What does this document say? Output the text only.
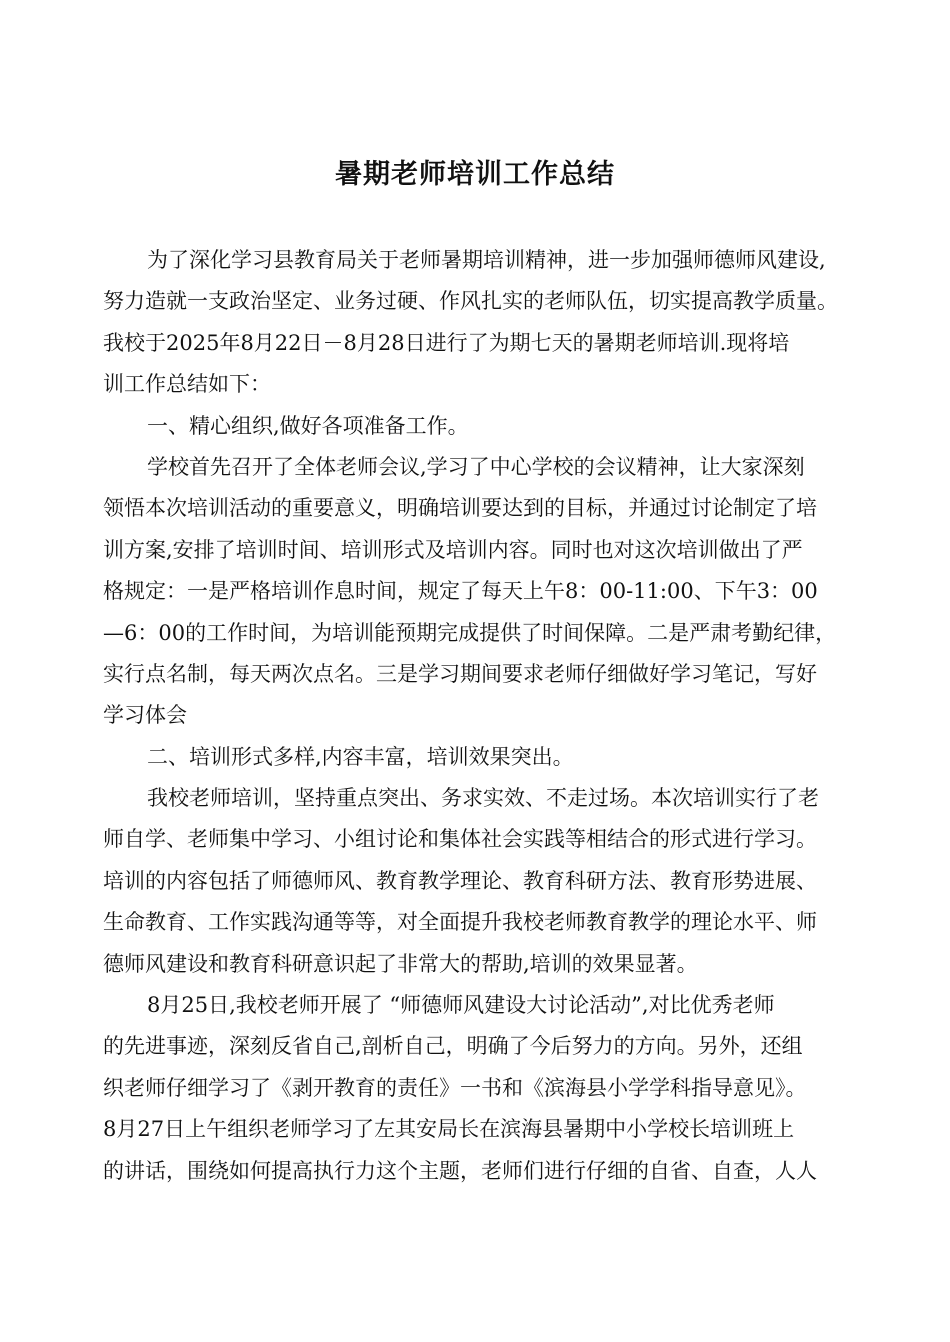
暑期老师培训工作总结
为了深化学习县教育局关于老师暑期培训精神，进一步加强师德师风建设,
努力造就一支政治坚定、业务过硬、作风扎实的老师队伍，切实提高教学质量。
我校于2025年8月22日－8月28日进行了为期七天的暑期老师培训.现将培
训工作总结如下：
一、精心组织,做好各项准备工作。
学校首先召开了全体老师会议,学习了中心学校的会议精神，让大家深刻
领悟本次培训活动的重要意义，明确培训要达到的目标，并通过讨论制定了培
训方案,安排了培训时间、培训形式及培训内容。同时也对这次培训做出了严
格规定：一是严格培训作息时间，规定了每天上午8：00-11:00、下午3：00
—6：00的工作时间，为培训能预期完成提供了时间保障。二是严肃考勤纪律，
实行点名制，每天两次点名。三是学习期间要求老师仔细做好学习笔记，写好
学习体会
二、培训形式多样,内容丰富，培训效果突出。
我校老师培训，坚持重点突出、务求实效、不走过场。本次培训实行了老
师自学、老师集中学习、小组讨论和集体社会实践等相结合的形式进行学习。
培训的内容包括了师德师风、教育教学理论、教育科研方法、教育形势进展、
生命教育、工作实践沟通等等，对全面提升我校老师教育教学的理论水平、师
德师风建设和教育科研意识起了非常大的帮助,培训的效果显著。
8月25日,我校老师开展了 “师德师风建设大讨论活动”,对比优秀老师
的先进事迹，深刻反省自己,剖析自己，明确了今后努力的方向。另外，还组
织老师仔细学习了《剥开教育的责任》一书和《滨海县小学学科指导意见》。
8月27日上午组织老师学习了左其安局长在滨海县暑期中小学校长培训班上
的讲话，围绕如何提高执行力这个主题，老师们进行仔细的自省、自查，人人
